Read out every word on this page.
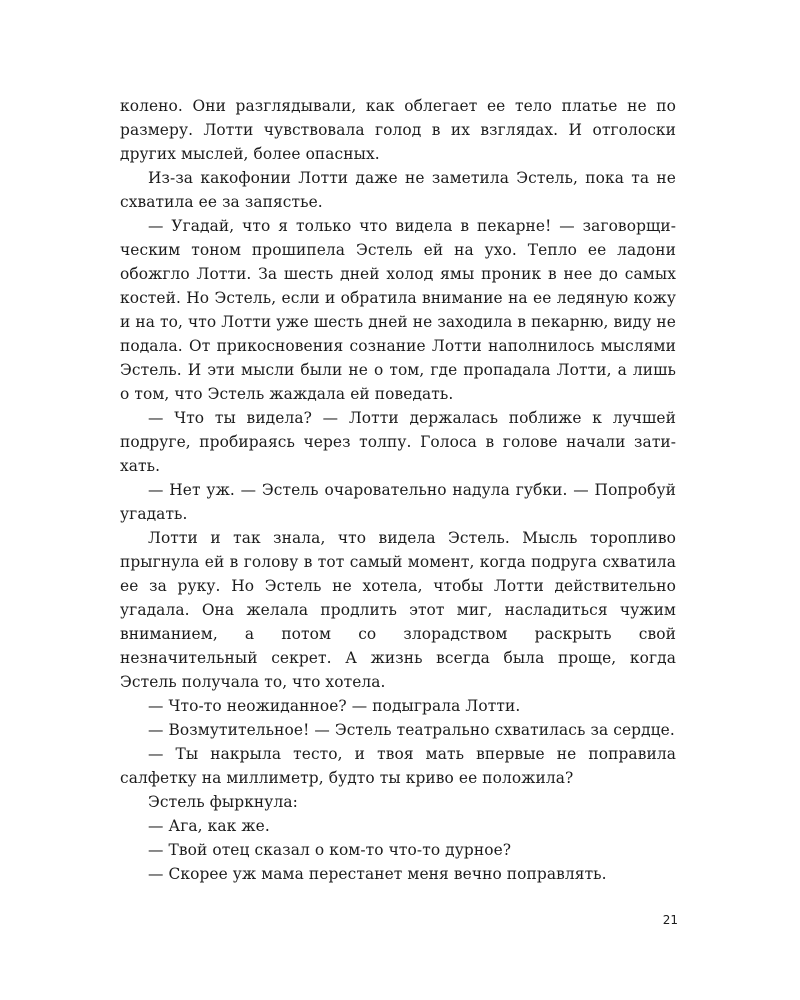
колено. Они разглядывали, как облегает ее тело платье не по размеру. Лотти чувствовала голод в их взглядах. И отголоски других мыслей, более опасных.

Из-за какофонии Лотти даже не заметила Эстель, пока та не схватила ее за запястье.

— Угадай, что я только что видела в пекарне! — заговорщическим тоном прошипела Эстель ей на ухо. Тепло ее ладони обожгло Лотти. За шесть дней холод ямы проник в нее до самых костей. Но Эстель, если и обратила внимание на ее ледяную кожу и на то, что Лотти уже шесть дней не заходила в пекарню, виду не подала. От прикосновения сознание Лотти наполнилось мыслями Эстель. И эти мысли были не о том, где пропадала Лотти, а лишь о том, что Эстель жаждала ей поведать.

— Что ты видела? — Лотти держалась поближе к лучшей подруге, пробираясь через толпу. Голоса в голове начали затихать.

— Нет уж. — Эстель очаровательно надула губки. — Попробуй угадать.

Лотти и так знала, что видела Эстель. Мысль торопливо прыгнула ей в голову в тот самый момент, когда подруга схватила ее за руку. Но Эстель не хотела, чтобы Лотти действительно угадала. Она желала продлить этот миг, насладиться чужим вниманием, а потом со злорадством раскрыть свой незначительный секрет. А жизнь всегда была проще, когда Эстель получала то, что хотела.

— Что-то неожиданное? — подыграла Лотти.

— Возмутительное! — Эстель театрально схватилась за сердце.

— Ты накрыла тесто, и твоя мать впервые не поправила салфетку на миллиметр, будто ты криво ее положила?

Эстель фыркнула:

— Ага, как же.

— Твой отец сказал о ком-то что-то дурное?

— Скорее уж мама перестанет меня вечно поправлять.

21
